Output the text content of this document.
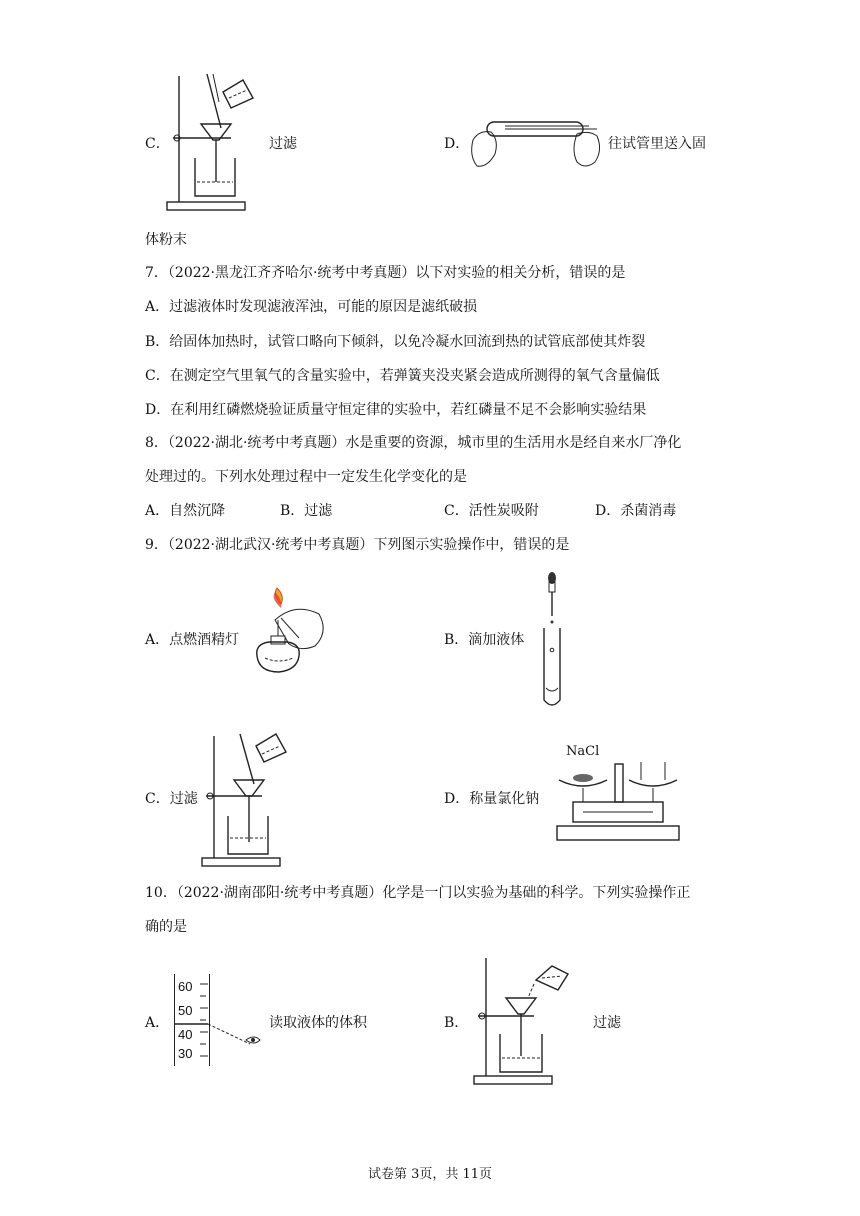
C．	过滤	D．	往试管里送入固
体粉末
7．（2022·黑龙江齐齐哈尔·统考中考真题）以下对实验的相关分析，错误的是
A．过滤液体时发现滤液浑浊，可能的原因是滤纸破损
B．给固体加热时，试管口略向下倾斜，以免冷凝水回流到热的试管底部使其炸裂
C．在测定空气里氧气的含量实验中，若弹簧夹没夹紧会造成所测得的氧气含量偏低
D．在利用红磷燃烧验证质量守恒定律的实验中，若红磷量不足不会影响实验结果
8．（2022·湖北·统考中考真题）水是重要的资源，城市里的生活用水是经自来水厂净化
处理过的。下列水处理过程中一定发生化学变化的是
A．自然沉降	B．过滤	C．活性炭吸附	D．杀菌消毒
9．（2022·湖北武汉·统考中考真题）下列图示实验操作中，错误的是
A．点燃酒精灯	B．滴加液体
C．过滤	D．称量氯化钠
NaCl
10．（2022·湖南邵阳·统考中考真题）化学是一门以实验为基础的科学。下列实验操作正
确的是
A．
60
50
40
30
读取液体的体积	B．	过滤
试卷第 3页，共 11页
